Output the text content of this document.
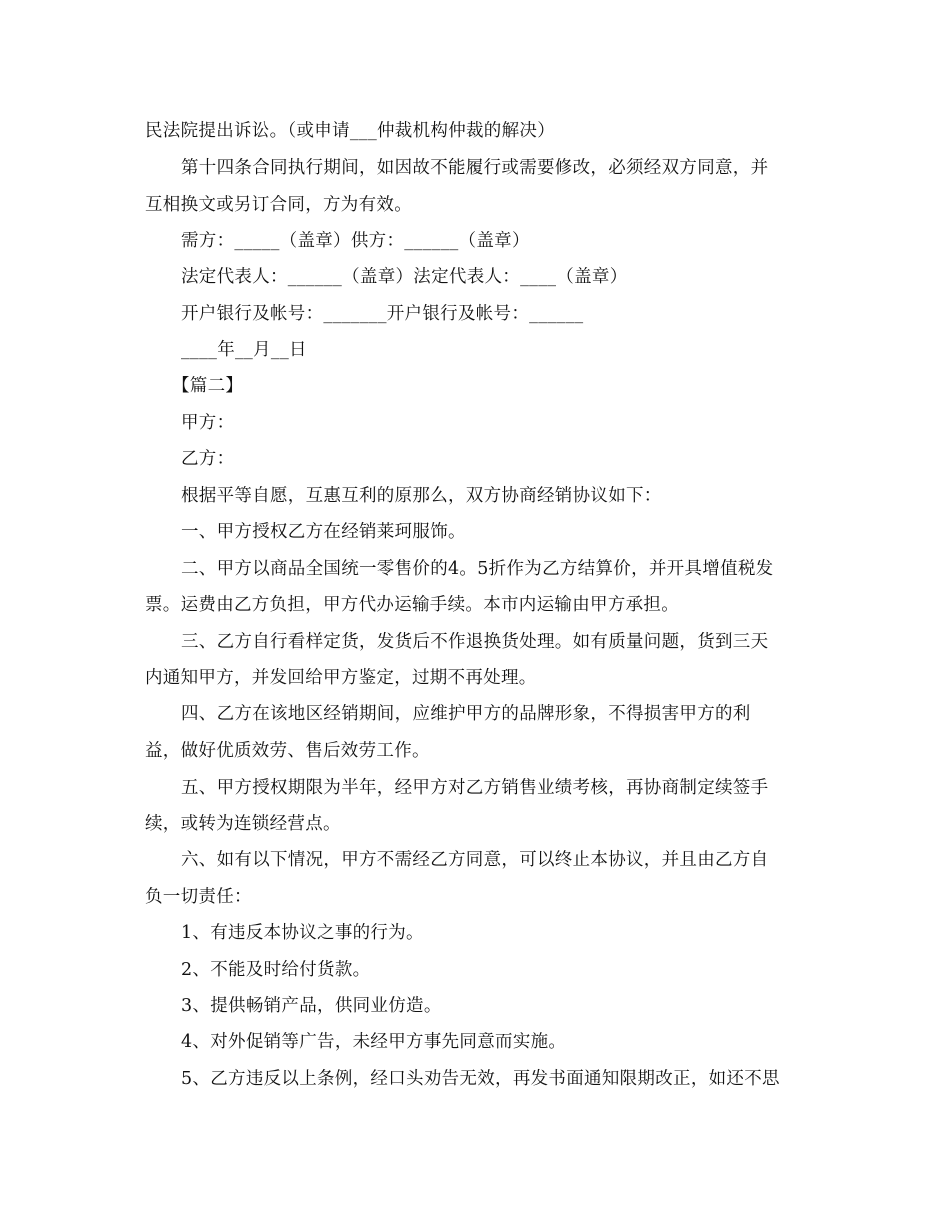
民法院提出诉讼。（或申请___仲裁机构仲裁的解决）

第十四条合同执行期间，如因故不能履行或需要修改，必须经双方同意，并

互相换文或另订合同，方为有效。

需方：_____（盖章）供方：______（盖章）

法定代表人：______（盖章）法定代表人：____（盖章）

开户银行及帐号：_______开户银行及帐号：______

____年__月__日

【篇二】

甲方：

乙方：

根据平等自愿，互惠互利的原那么，双方协商经销协议如下：

一、甲方授权乙方在经销莱珂服饰。

二、甲方以商品全国统一零售价的4。5折作为乙方结算价，并开具增值税发

票。运费由乙方负担，甲方代办运输手续。本市内运输由甲方承担。

三、乙方自行看样定货，发货后不作退换货处理。如有质量问题，货到三天

内通知甲方，并发回给甲方鉴定，过期不再处理。

四、乙方在该地区经销期间，应维护甲方的品牌形象，不得损害甲方的利

益，做好优质效劳、售后效劳工作。

五、甲方授权期限为半年，经甲方对乙方销售业绩考核，再协商制定续签手

续，或转为连锁经营点。

六、如有以下情况，甲方不需经乙方同意，可以终止本协议，并且由乙方自

负一切责任：

1、有违反本协议之事的行为。

2、不能及时给付货款。

3、提供畅销产品，供同业仿造。

4、对外促销等广告，未经甲方事先同意而实施。

5、乙方违反以上条例，经口头劝告无效，再发书面通知限期改正，如还不思
